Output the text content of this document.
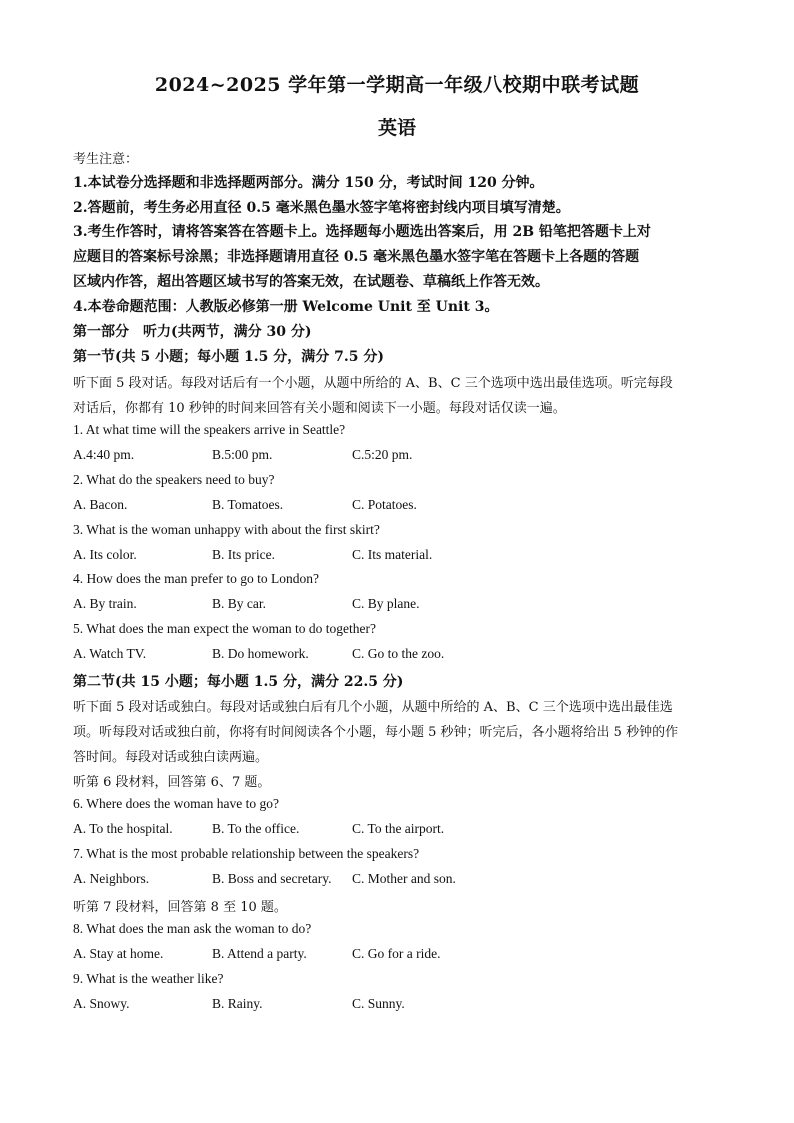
2024~2025 学年第一学期高一年级八校期中联考试题
英语
考生注意：
1.本试卷分选择题和非选择题两部分。满分 150 分，考试时间 120 分钟。
2.答题前，考生务必用直径 0.5 毫米黑色墨水签字笔将密封线内项目填写清楚。
3.考生作答时，请将答案答在答题卡上。选择题每小题选出答案后，用 2B 铅笔把答题卡上对
应题目的答案标号涂黑；非选择题请用直径 0.5 毫米黑色墨水签字笔在答题卡上各题的答题
区域内作答，超出答题区域书写的答案无效，在试题卷、草稿纸上作答无效。
4.本卷命题范围：人教版必修第一册 Welcome Unit 至 Unit 3。
第一部分　听力(共两节，满分 30 分)
第一节(共 5 小题；每小题 1.5 分，满分 7.5 分)
听下面 5 段对话。每段对话后有一个小题，从题中所给的 A、B、C 三个选项中选出最佳选项。听完每段
对话后，你都有 10 秒钟的时间来回答有关小题和阅读下一小题。每段对话仅读一遍。
1. At what time will the speakers arrive in Seattle?
A.4:40 pm.	B.5:00 pm.	C.5:20 pm.
2. What do the speakers need to buy?
A. Bacon.	B. Tomatoes.	C. Potatoes.
3. What is the woman unhappy with about the first skirt?
A. Its color.	B. Its price.	C. Its material.
4. How does the man prefer to go to London?
A. By train.	B. By car.	C. By plane.
5. What does the man expect the woman to do together?
A. Watch TV.	B. Do homework.	C. Go to the zoo.
第二节(共 15 小题；每小题 1.5 分，满分 22.5 分)
听下面 5 段对话或独白。每段对话或独白后有几个小题，从题中所给的 A、B、C 三个选项中选出最佳选
项。听每段对话或独白前，你将有时间阅读各个小题，每小题 5 秒钟；听完后，各小题将给出 5 秒钟的作
答时间。每段对话或独白读两遍。
听第 6 段材料，回答第 6、7 题。
6. Where does the woman have to go?
A. To the hospital.	B. To the office.	C. To the airport.
7. What is the most probable relationship between the speakers?
A. Neighbors.	B. Boss and secretary. C. Mother and son.
听第 7 段材料，回答第 8 至 10 题。
8. What does the man ask the woman to do?
A. Stay at home.	B. Attend a party.	C. Go for a ride.
9. What is the weather like?
A. Snowy.	B. Rainy.	C. Sunny.
